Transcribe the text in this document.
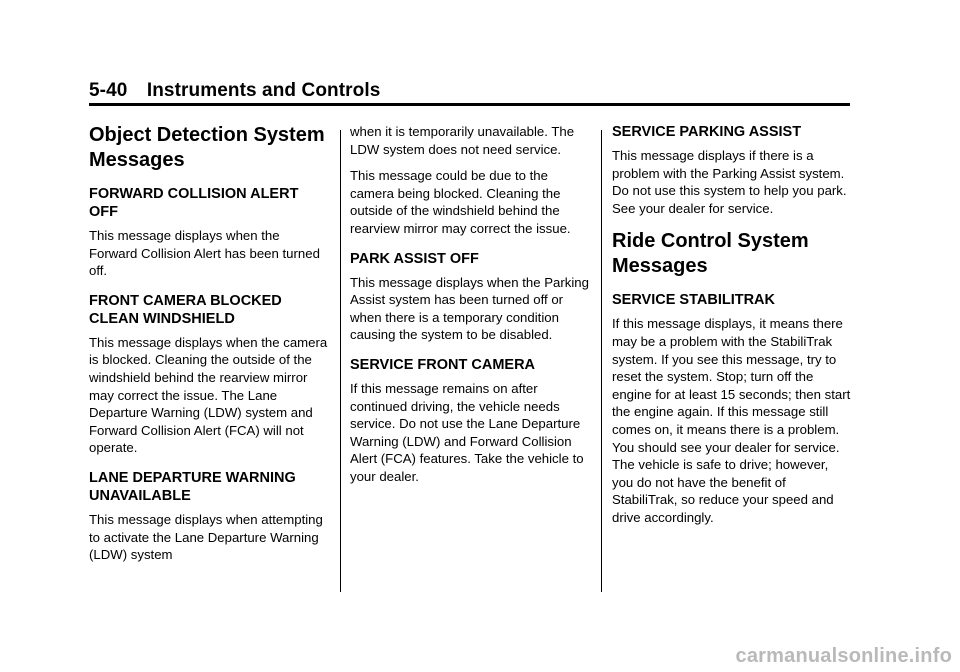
5-40 Instruments and Controls
Object Detection System Messages
FORWARD COLLISION ALERT OFF

This message displays when the Forward Collision Alert has been turned off.

FRONT CAMERA BLOCKED CLEAN WINDSHIELD

This message displays when the camera is blocked. Cleaning the outside of the windshield behind the rearview mirror may correct the issue. The Lane Departure Warning (LDW) system and Forward Collision Alert (FCA) will not operate.

LANE DEPARTURE WARNING UNAVAILABLE

This message displays when attempting to activate the Lane Departure Warning (LDW) system

when it is temporarily unavailable. The LDW system does not need service.

This message could be due to the camera being blocked. Cleaning the outside of the windshield behind the rearview mirror may correct the issue.

PARK ASSIST OFF

This message displays when the Parking Assist system has been turned off or when there is a temporary condition causing the system to be disabled.

SERVICE FRONT CAMERA

If this message remains on after continued driving, the vehicle needs service. Do not use the Lane Departure Warning (LDW) and Forward Collision Alert (FCA) features. Take the vehicle to your dealer.

SERVICE PARKING ASSIST

This message displays if there is a problem with the Parking Assist system. Do not use this system to help you park. See your dealer for service.

Ride Control System Messages
SERVICE STABILITRAK

If this message displays, it means there may be a problem with the StabiliTrak system. If you see this message, try to reset the system. Stop; turn off the engine for at least 15 seconds; then start the engine again. If this message still comes on, it means there is a problem. You should see your dealer for service. The vehicle is safe to drive; however, you do not have the benefit of StabiliTrak, so reduce your speed and drive accordingly.

carmanualsonline.info
